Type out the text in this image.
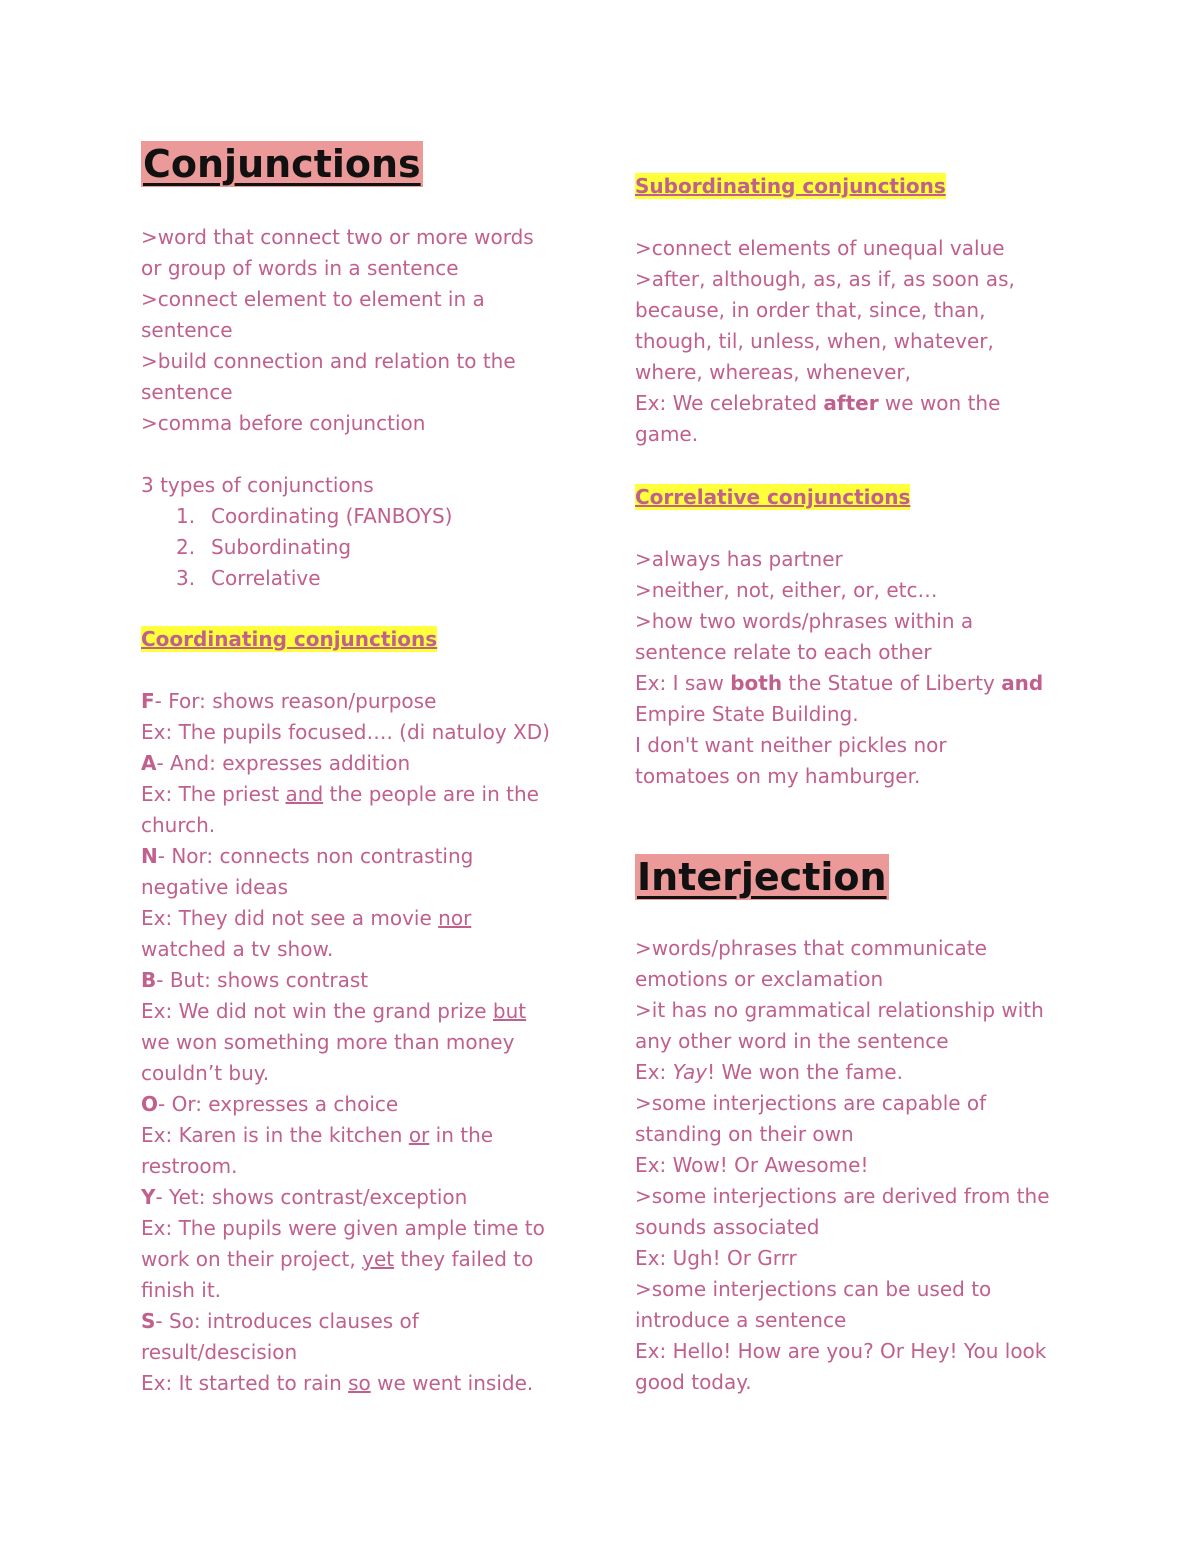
Conjunctions

>word that connect two or more words

or group of words in a sentence

>connect element to element in a

sentence

>build connection and relation to the

sentence

>comma before conjunction

3 types of conjunctions

1. Coordinating (FANBOYS)
2. Subordinating
3. Correlative
Coordinating conjunctions

F- For: shows reason/purpose

Ex: The pupils focused…. (di natuloy XD)

A- And: expresses addition

Ex: The priest and the people are in the

church.

N- Nor: connects non contrasting

negative ideas

Ex: They did not see a movie nor

watched a tv show.

B- But: shows contrast

Ex: We did not win the grand prize but

we won something more than money

couldn’t buy.

O- Or: expresses a choice

Ex: Karen is in the kitchen or in the

restroom.

Y- Yet: shows contrast/exception

Ex: The pupils were given ample time to

work on their project, yet they failed to

finish it.

S- So: introduces clauses of

result/descision

Ex: It started to rain so we went inside.

Subordinating conjunctions

>connect elements of unequal value

>after, although, as, as if, as soon as,

because, in order that, since, than,

though, til, unless, when, whatever,

where, whereas, whenever,

Ex: We celebrated after we won the

game.

Correlative conjunctions

>always has partner

>neither, not, either, or, etc…

>how two words/phrases within a

sentence relate to each other

Ex: I saw both the Statue of Liberty and

Empire State Building.

I don't want neither pickles nor

tomatoes on my hamburger.

Interjection

>words/phrases that communicate

emotions or exclamation

>it has no grammatical relationship with

any other word in the sentence

Ex: Yay! We won the fame.

>some interjections are capable of

standing on their own

Ex: Wow! Or Awesome!

>some interjections are derived from the

sounds associated

Ex: Ugh! Or Grrr

>some interjections can be used to

introduce a sentence

Ex: Hello! How are you? Or Hey! You look

good today.
